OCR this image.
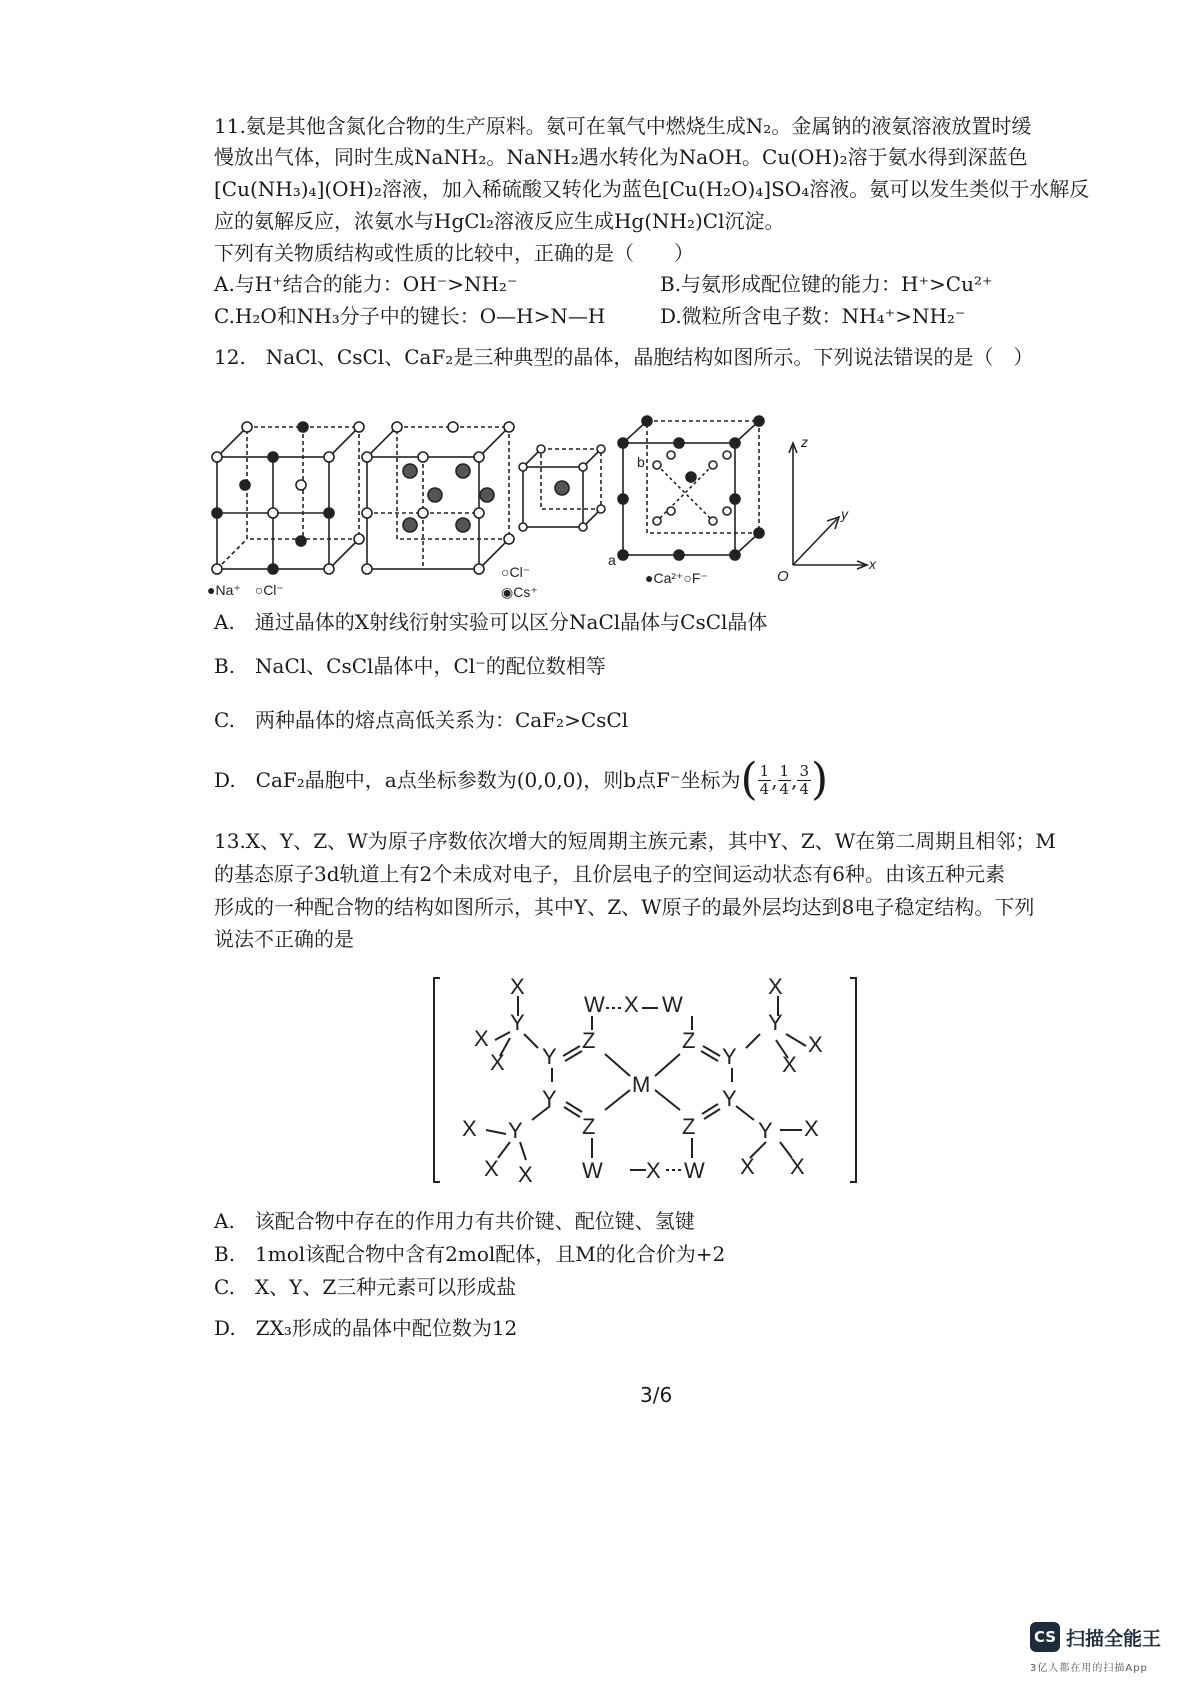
11.氨是其他含氮化合物的生产原料。氨可在氧气中燃烧生成N₂。金属钠的液氨溶液放置时缓
慢放出气体，同时生成NaNH₂。NaNH₂遇水转化为NaOH。Cu(OH)₂溶于氨水得到深蓝色
[Cu(NH₃)₄](OH)₂溶液，加入稀硫酸又转化为蓝色[Cu(H₂O)₄]SO₄溶液。氨可以发生类似于水解反
应的氨解反应，浓氨水与HgCl₂溶液反应生成Hg(NH₂)Cl沉淀。
下列有关物质结构或性质的比较中，正确的是（　　）
A.与H⁺结合的能力：OH⁻>NH₂⁻	B.与氨形成配位键的能力：H⁺>Cu²⁺
C.H₂O和NH₃分子中的键长：O—H>N—H	D.微粒所含电子数：NH₄⁺>NH₂⁻
12.　NaCl、CsCl、CaF₂是三种典型的晶体，晶胞结构如图所示。下列说法错误的是（　）
●Na⁺　○Cl⁻
○Cl⁻
◉Cs⁺
b
a
●Ca²⁺○F⁻
z
y
x
O
A.　通过晶体的X射线衍射实验可以区分NaCl晶体与CsCl晶体
B.　NaCl、CsCl晶体中，Cl⁻的配位数相等
C.　两种晶体的熔点高低关系为：CaF₂>CsCl
D.　CaF₂晶胞中，a点坐标参数为(0,0,0)，则b点F⁻坐标为 ( $\frac{1}{4}$ , $\frac{1}{4}$ , $\frac{3}{4}$ )
13.X、Y、Z、W为原子序数依次增大的短周期主族元素，其中Y、Z、W在第二周期且相邻；M
的基态原子3d轨道上有2个未成对电子，且价层电子的空间运动状态有6种。由该五种元素
形成的一种配合物的结构如图所示，其中Y、Z、W原子的最外层均达到8电子稳定结构。下列
说法不正确的是
X
Y
X
X Y
Z
W X W
Z
Y
X
Y
X
X
M
Y
Z
Y
Z
X Y
X X
Y X
X X
W X W
A.　该配合物中存在的作用力有共价键、配位键、氢键
B.　1mol该配合物中含有2mol配体，且M的化合价为+2
C.　X、Y、Z三种元素可以形成盐
D.　ZX₃形成的晶体中配位数为12
3/6
CS 扫描全能王
3亿人都在用的扫描App
